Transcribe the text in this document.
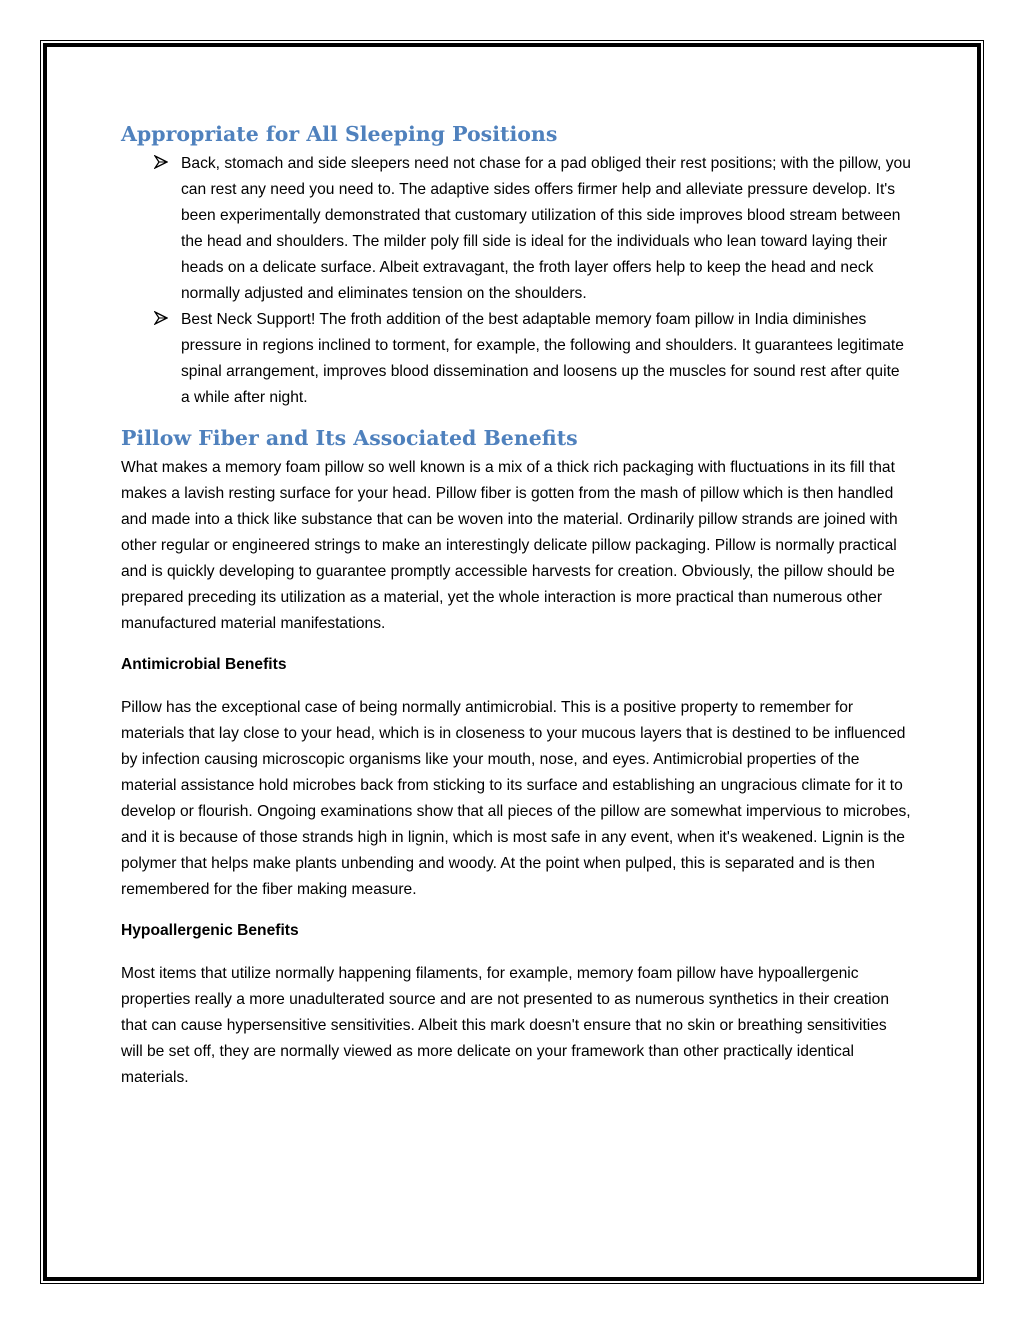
Appropriate for All Sleeping Positions
Back, stomach and side sleepers need not chase for a pad obliged their rest positions; with the pillow, you can rest any need you need to. The adaptive sides offers firmer help and alleviate pressure develop. It's been experimentally demonstrated that customary utilization of this side improves blood stream between the head and shoulders. The milder poly fill side is ideal for the individuals who lean toward laying their heads on a delicate surface. Albeit extravagant, the froth layer offers help to keep the head and neck normally adjusted and eliminates tension on the shoulders.
Best Neck Support! The froth addition of the best adaptable memory foam pillow in India diminishes pressure in regions inclined to torment, for example, the following and shoulders. It guarantees legitimate spinal arrangement, improves blood dissemination and loosens up the muscles for sound rest after quite a while after night.
Pillow Fiber and Its Associated Benefits

What makes a memory foam pillow so well known is a mix of a thick rich packaging with fluctuations in its fill that makes a lavish resting surface for your head. Pillow fiber is gotten from the mash of pillow which is then handled and made into a thick like substance that can be woven into the material. Ordinarily pillow strands are joined with other regular or engineered strings to make an interestingly delicate pillow packaging. Pillow is normally practical and is quickly developing to guarantee promptly accessible harvests for creation. Obviously, the pillow should be prepared preceding its utilization as a material, yet the whole interaction is more practical than numerous other manufactured material manifestations.

Antimicrobial Benefits

Pillow has the exceptional case of being normally antimicrobial. This is a positive property to remember for materials that lay close to your head, which is in closeness to your mucous layers that is destined to be influenced by infection causing microscopic organisms like your mouth, nose, and eyes. Antimicrobial properties of the material assistance hold microbes back from sticking to its surface and establishing an ungracious climate for it to develop or flourish. Ongoing examinations show that all pieces of the pillow are somewhat impervious to microbes, and it is because of those strands high in lignin, which is most safe in any event, when it's weakened. Lignin is the polymer that helps make plants unbending and woody. At the point when pulped, this is separated and is then remembered for the fiber making measure.

Hypoallergenic Benefits

Most items that utilize normally happening filaments, for example, memory foam pillow have hypoallergenic properties really a more unadulterated source and are not presented to as numerous synthetics in their creation that can cause hypersensitive sensitivities. Albeit this mark doesn't ensure that no skin or breathing sensitivities will be set off, they are normally viewed as more delicate on your framework than other practically identical materials.
